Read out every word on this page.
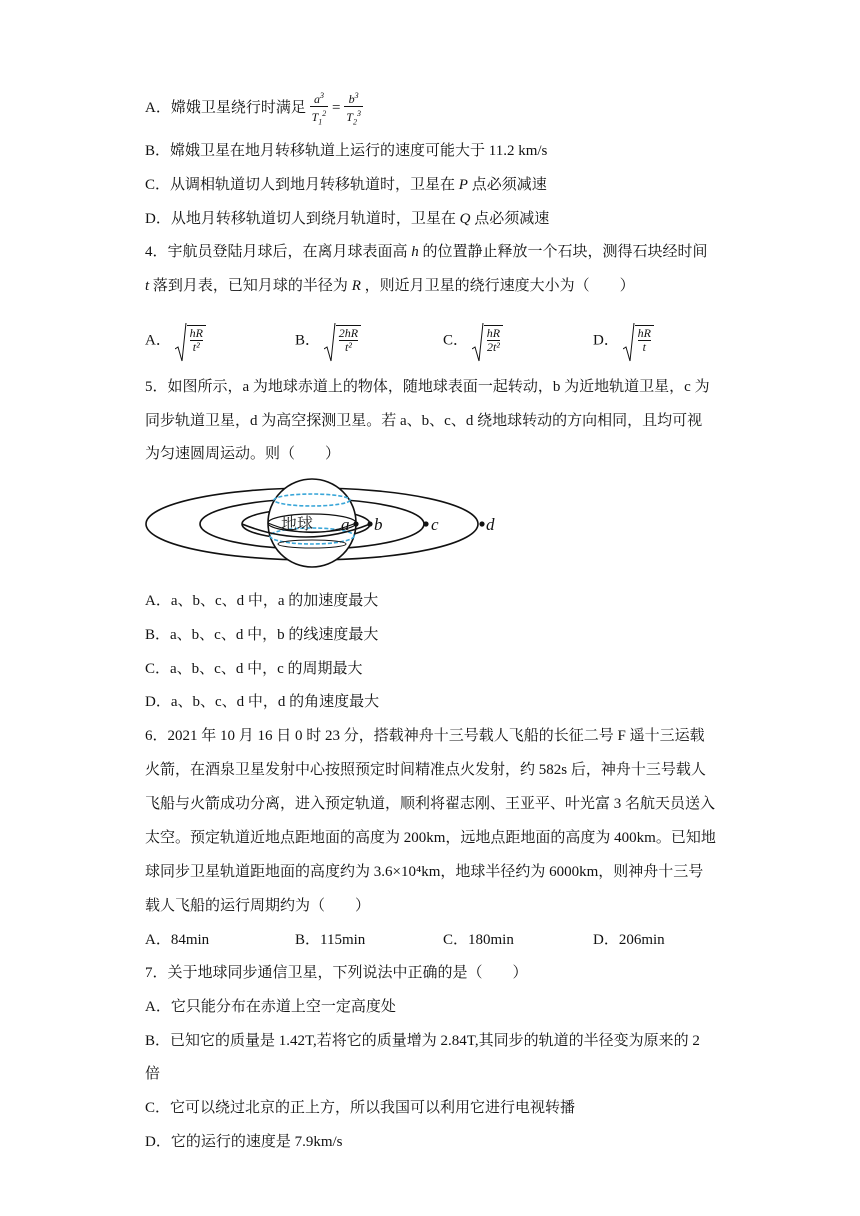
A．嫦娥卫星绕行时满足 $\frac{a^3}{T_1^2} = \frac{b^3}{T_2^3}$
B．嫦娥卫星在地月转移轨道上运行的速度可能大于 11.2 km/s
C．从调相轨道切人到地月转移轨道时，卫星在 P 点必须减速
D．从地月转移轨道切人到绕月轨道时，卫星在 Q 点必须减速
4．宇航员登陆月球后，在离月球表面高 h 的位置静止释放一个石块，测得石块经时间
t 落到月表，已知月球的半径为 R ，则近月卫星的绕行速度大小为（　　）
A． $\frac{hR}{\text{t²}}$	B． $\frac{2hR}{\text{t²}}$	C． $\frac{hR}{\text{2t²}}$	D． $\frac{hR}{t}$
5．如图所示，a 为地球赤道上的物体，随地球表面一起转动，b 为近地轨道卫星，c 为
同步轨道卫星，d 为高空探测卫星。若 a、b、c、d 绕地球转动的方向相同，且均可视
为匀速圆周运动。则（　　）
地球 a b	c	d
A．a、b、c、d 中，a 的加速度最大
B．a、b、c、d 中，b 的线速度最大
C．a、b、c、d 中，c 的周期最大
D．a、b、c、d 中，d 的角速度最大
6．2021 年 10 月 16 日 0 时 23 分，搭载神舟十三号载人飞船的长征二号 F 遥十三运载
火箭，在酒泉卫星发射中心按照预定时间精准点火发射，约 582s 后，神舟十三号载人
飞船与火箭成功分离，进入预定轨道，顺利将翟志刚、王亚平、叶光富 3 名航天员送入
太空。预定轨道近地点距地面的高度为 200km，远地点距地面的高度为 400km。已知地
球同步卫星轨道距地面的高度约为 3.6×10⁴km，地球半径约为 6000km，则神舟十三号
载人飞船的运行周期约为（　　）
A．84min	B．115min	C．180min	D．206min
7．关于地球同步通信卫星，下列说法中正确的是（　　）
A．它只能分布在赤道上空一定高度处
B．已知它的质量是 1.42T,若将它的质量增为 2.84T,其同步的轨道的半径变为原来的 2
倍
C．它可以绕过北京的正上方，所以我国可以利用它进行电视转播
D．它的运行的速度是 7.9km/s
